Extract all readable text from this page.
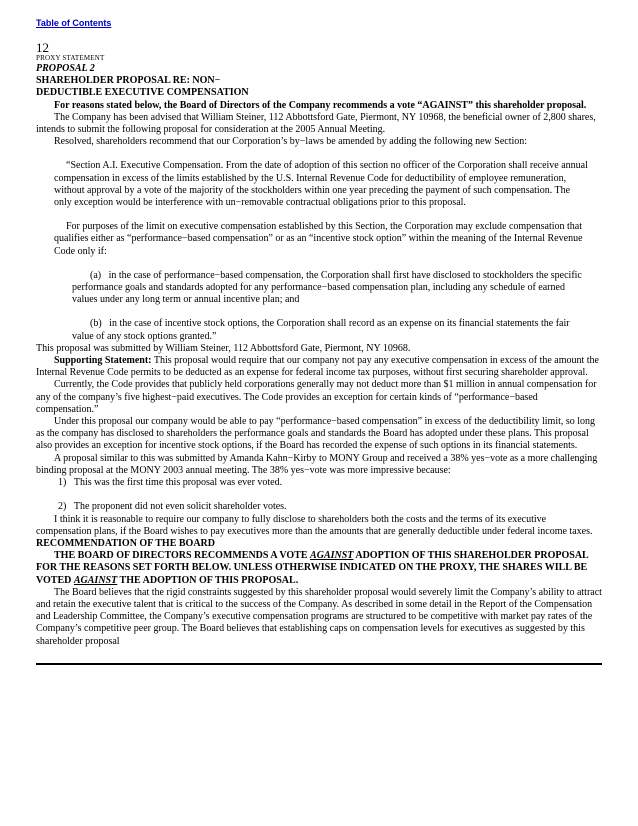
Table of Contents
12
PROXY STATEMENT
PROPOSAL 2
SHAREHOLDER PROPOSAL RE: NON−
DEDUCTIBLE EXECUTIVE COMPENSATION

For reasons stated below, the Board of Directors of the Company recommends a vote “AGAINST” this shareholder proposal.

The Company has been advised that William Steiner, 112 Abbottsford Gate, Piermont, NY 10968, the beneficial owner of 2,800 shares, intends to submit the following proposal for consideration at the 2005 Annual Meeting.

Resolved, shareholders recommend that our Corporation’s by−laws be amended by adding the following new Section:

“Section A.I. Executive Compensation. From the date of adoption of this section no officer of the Corporation shall receive annual compensation in excess of the limits established by the U.S. Internal Revenue Code for deductibility of employee remuneration, without approval by a vote of the majority of the stockholders within one year preceding the payment of such compensation. The only exception would be interference with un−removable contractual obligations prior to this proposal.

For purposes of the limit on executive compensation established by this Section, the Corporation may exclude compensation that qualifies either as “performance−based compensation” or as an “incentive stock option” within the meaning of the Internal Revenue Code only if:

(a)   in the case of performance−based compensation, the Corporation shall first have disclosed to stockholders the specific performance goals and standards adopted for any performance−based compensation plan, including any schedule of earned values under any long term or annual incentive plan; and

(b)   in the case of incentive stock options, the Corporation shall record as an expense on its financial statements the fair value of any stock options granted.”

This proposal was submitted by William Steiner, 112 Abbottsford Gate, Piermont, NY 10968.

Supporting Statement: This proposal would require that our company not pay any executive compensation in excess of the amount the Internal Revenue Code permits to be deducted as an expense for federal income tax purposes, without first securing shareholder approval.

Currently, the Code provides that publicly held corporations generally may not deduct more than $1 million in annual compensation for any of the company’s five highest−paid executives. The Code provides an exception for certain kinds of “performance−based compensation.”

Under this proposal our company would be able to pay “performance−based compensation” in excess of the deductibility limit, so long as the company has disclosed to shareholders the performance goals and standards the Board has adopted under these plans. This proposal also provides an exception for incentive stock options, if the Board has recorded the expense of such options in its financial statements.

A proposal similar to this was submitted by Amanda Kahn−Kirby to MONY Group and received a 38% yes−vote as a more challenging binding proposal at the MONY 2003 annual meeting. The 38% yes−vote was more impressive because:

1)   This was the first time this proposal was ever voted.

2)   The proponent did not even solicit shareholder votes.

I think it is reasonable to require our company to fully disclose to shareholders both the costs and the terms of its executive compensation plans, if the Board wishes to pay executives more than the amounts that are generally deductible under federal income taxes.

RECOMMENDATION OF THE BOARD

THE BOARD OF DIRECTORS RECOMMENDS A VOTE AGAINST ADOPTION OF THIS SHAREHOLDER PROPOSAL FOR THE REASONS SET FORTH BELOW. UNLESS OTHERWISE INDICATED ON THE PROXY, THE SHARES WILL BE VOTED AGAINST THE ADOPTION OF THIS PROPOSAL.

The Board believes that the rigid constraints suggested by this shareholder proposal would severely limit the Company’s ability to attract and retain the executive talent that is critical to the success of the Company. As described in some detail in the Report of the Compensation and Leadership Committee, the Company’s executive compensation programs are structured to be competitive with market pay rates of the Company’s competitive peer group. The Board believes that establishing caps on compensation levels for executives as suggested by this shareholder proposal
